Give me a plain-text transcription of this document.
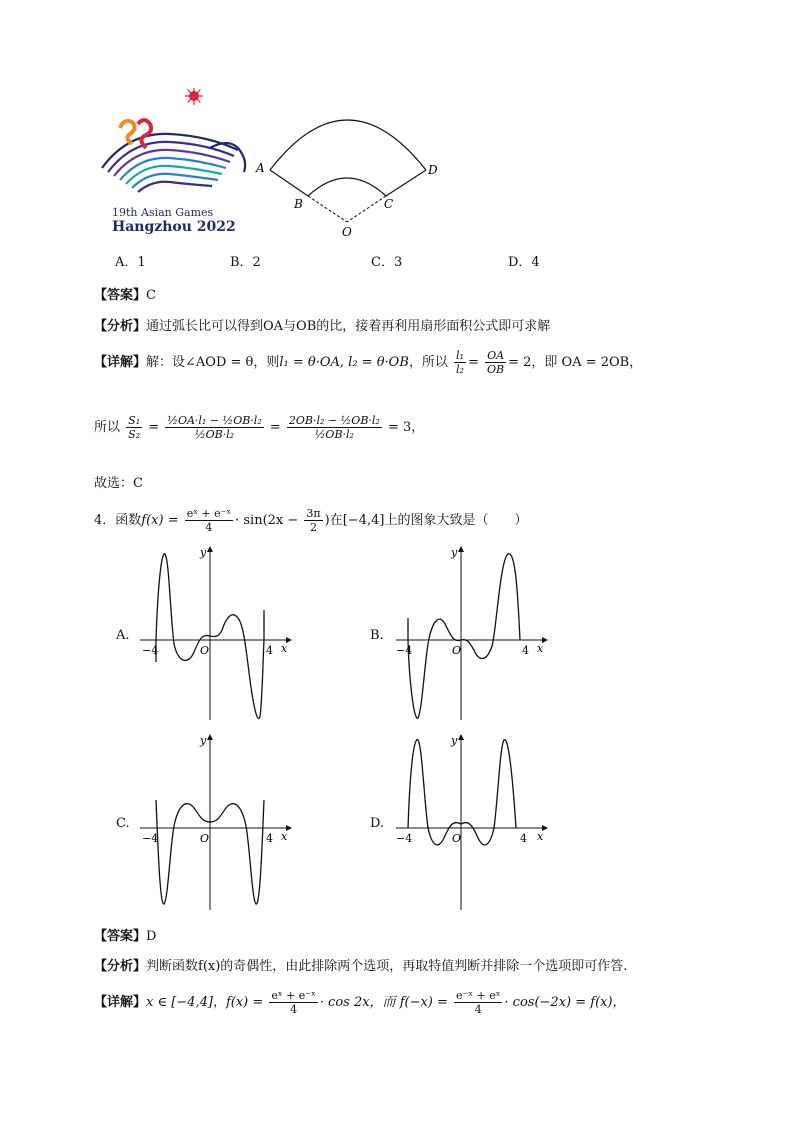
19th Asian Games
Hangzhou 2022
A
B	C
D
O
A．1	B．2	C．3	D．4
【答案】C
【分析】通过弧长比可以得到OA与OB的比，接着再利用扇形面积公式即可求解
【详解】解：设∠AOD = θ，则l₁ = θ·OA, l₂ = θ·OB，所以 $\frac{\text{l₁}}{\text{l₂}} = \frac{OA}{OB} = 2$，即 OA = 2OB，
所以 $\frac{\text{S₁}}{\text{S₂}} = \frac{\text{½OA·l₁ − ½OB·l₂}}{\text{½OB·l₂}} = \frac{\text{2OB·l₂ − ½OB·l₂}}{\text{½OB·l₂}} = 3$，
故选：C
4．函数$f(x) = \frac{\text{eˣ + e⁻ˣ}}{4} \cdot \sin(2x - \frac{3\pi}{2}$ )在[−4,4]上的图象大致是（　　）
A.	B.
C.	D.
−4	O	4 x
y
−4	O	4 x
y
−4	O	4 x
y
−4	O	4 x
y
【答案】D
【分析】判断函数f(x)的奇偶性，由此排除两个选项，再取特值判断并排除一个选项即可作答.
【详解】x ∈ [−4,4]，$f(x) = \frac{\text{eˣ + e⁻ˣ}}{4} \cdot \cos 2x$，而 $f(-x) = \frac{\text{e⁻ˣ + eˣ}}{4} \cdot \cos(-2x) = f(x)$，
